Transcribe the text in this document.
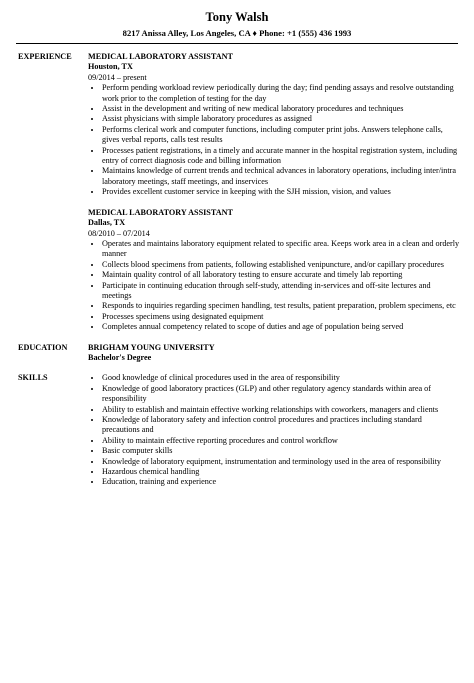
Tony Walsh
8217 Anissa Alley, Los Angeles, CA ♦ Phone: +1 (555) 436 1993
EXPERIENCE	MEDICAL LABORATORY ASSISTANT
Houston, TX
09/2014 – present
• Perform pending workload review periodically during the day; find pending assays and resolve outstanding work prior to the completion of testing for the day
• Assist in the development and writing of new medical laboratory procedures and techniques
• Assist physicians with simple laboratory procedures as assigned
• Performs clerical work and computer functions, including computer print jobs. Answers telephone calls, gives verbal reports, calls test results
• Processes patient registrations, in a timely and accurate manner in the hospital registration system, including entry of correct diagnosis code and billing information
• Maintains knowledge of current trends and technical advances in laboratory operations, including inter/intra laboratory meetings, staff meetings, and inservices
• Provides excellent customer service in keeping with the SJH mission, vision, and values
MEDICAL LABORATORY ASSISTANT
Dallas, TX
08/2010 – 07/2014
• Operates and maintains laboratory equipment related to specific area. Keeps work area in a clean and orderly manner
• Collects blood specimens from patients, following established venipuncture, and/or capillary procedures
• Maintain quality control of all laboratory testing to ensure accurate and timely lab reporting
• Participate in continuing education through self-study, attending in-services and off-site lectures and meetings
• Responds to inquiries regarding specimen handling, test results, patient preparation, problem specimens, etc
• Processes specimens using designated equipment
• Completes annual competency related to scope of duties and age of population being served
EDUCATION	BRIGHAM YOUNG UNIVERSITY
Bachelor's Degree
SKILLS
•	Good knowledge of clinical procedures used in the area of responsibility
• Knowledge of good laboratory practices (GLP) and other regulatory agency standards within area of responsibility
• Ability to establish and maintain effective working relationships with coworkers, managers and clients
• Knowledge of laboratory safety and infection control procedures and practices including standard precautions and
• Ability to maintain effective reporting procedures and control workflow
• Basic computer skills
• Knowledge of laboratory equipment, instrumentation and terminology used in the area of responsibility
• Hazardous chemical handling
• Education, training and experience
